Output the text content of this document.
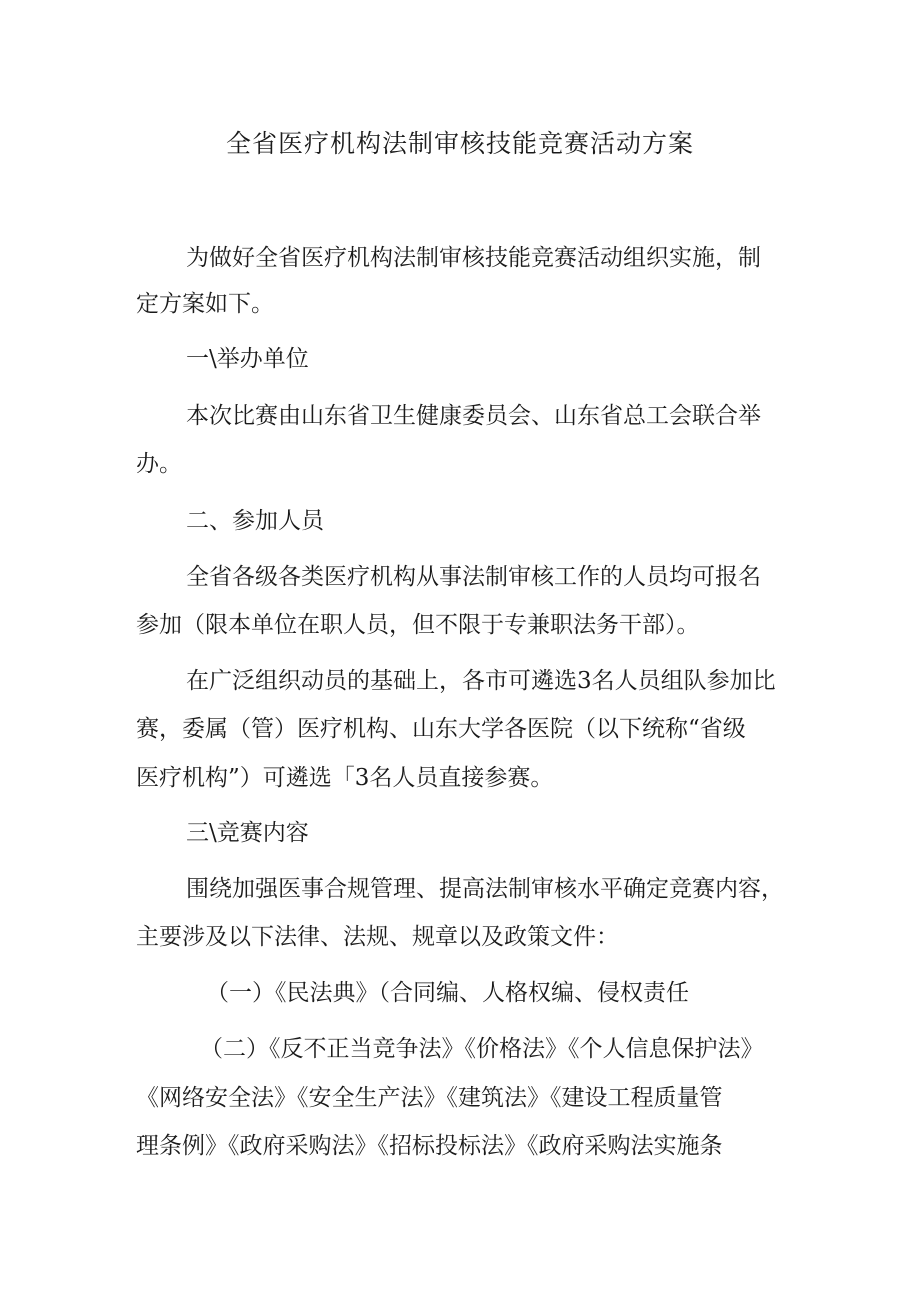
全省医疗机构法制审核技能竞赛活动方案
为做好全省医疗机构法制审核技能竞赛活动组织实施，制
定方案如下。
一\举办单位
本次比赛由山东省卫生健康委员会、山东省总工会联合举
办。
二、参加人员
全省各级各类医疗机构从事法制审核工作的人员均可报名
参加（限本单位在职人员，但不限于专兼职法务干部）。
在广泛组织动员的基础上，各市可遴选3名人员组队参加比
赛，委属（管）医疗机构、山东大学各医院（以下统称“省级
医疗机构”）可遴选「3名人员直接参赛。
三\竞赛内容
围绕加强医事合规管理、提高法制审核水平确定竞赛内容，
主要涉及以下法律、法规、规章以及政策文件：
（一）《民法典》（合同编、人格权编、侵权责任
（二）《反不正当竞争法》《价格法》《个人信息保护法》
《网络安全法》《安全生产法》《建筑法》《建设工程质量管
理条例》《政府采购法》《招标投标法》《政府采购法实施条
